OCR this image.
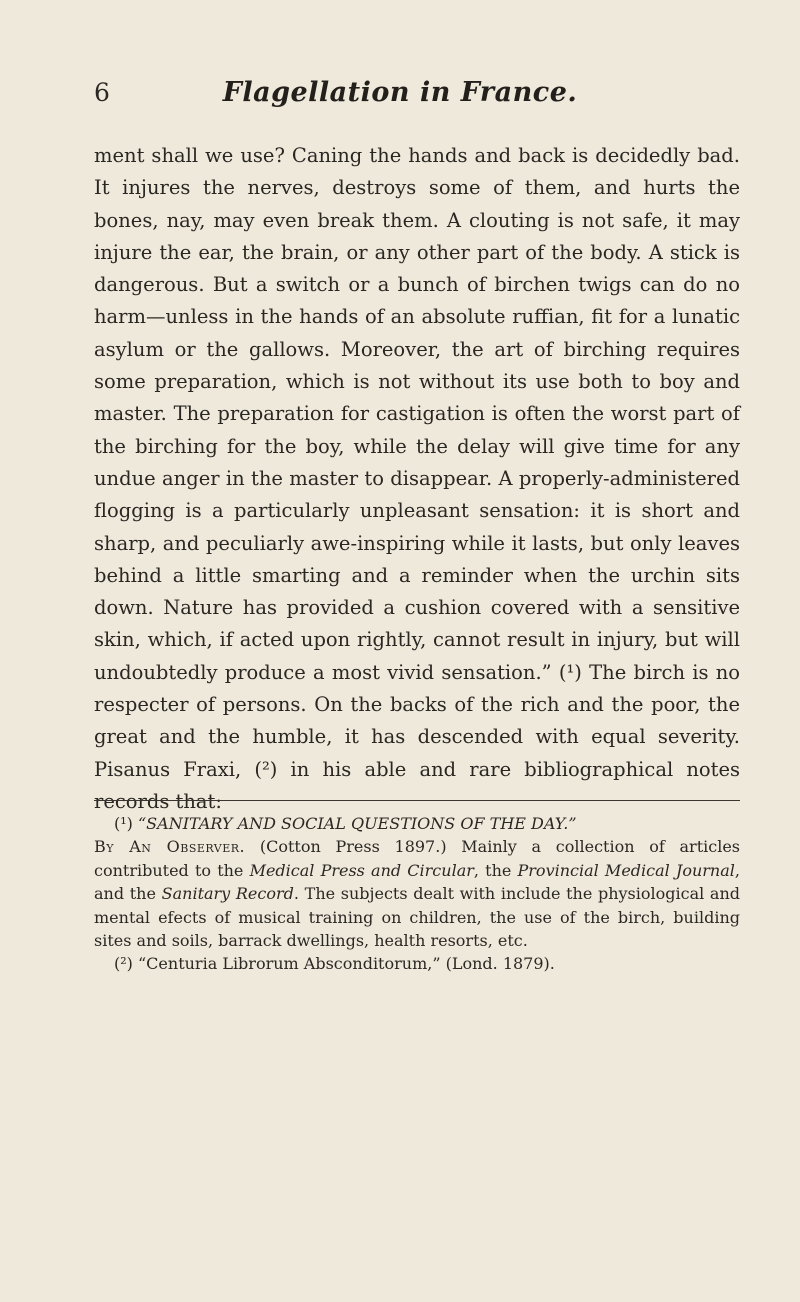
6	Flagellation in France.

ment shall we use? Caning the hands and back is decidedly bad. It injures the nerves, destroys some of them, and hurts the bones, nay, may even break them. A clouting is not safe, it may injure the ear, the brain, or any other part of the body. A stick is dangerous. But a switch or a bunch of birchen twigs can do no harm—unless in the hands of an absolute ruffian, fit for a lunatic asylum or the gallows. Moreover, the art of birching requires some preparation, which is not without its use both to boy and master. The preparation for castigation is often the worst part of the birching for the boy, while the delay will give time for any undue anger in the master to disappear. A properly-administered flogging is a particularly unpleasant sensation: it is short and sharp, and peculiarly awe-inspiring while it lasts, but only leaves behind a little smarting and a reminder when the urchin sits down. Nature has provided a cushion covered with a sensitive skin, which, if acted upon rightly, cannot result in injury, but will undoubtedly produce a most vivid sensation.” (¹) The birch is no respecter of persons. On the backs of the rich and the poor, the great and the humble, it has descended with equal severity. Pisanus Fraxi, (²) in his able and rare bibliographical notes records that:

(¹) “SANITARY AND SOCIAL QUESTIONS OF THE DAY.”
By An Observer. (Cotton Press 1897.) Mainly a collection of articles contributed to the Medical Press and Circular, the Provincial Medical Journal, and the Sanitary Record. The subjects dealt with include the physiological and mental efects of musical training on children, the use of the birch, building sites and soils, barrack dwellings, health resorts, etc.

(²) “Centuria Librorum Absconditorum,” (Lond. 1879).
